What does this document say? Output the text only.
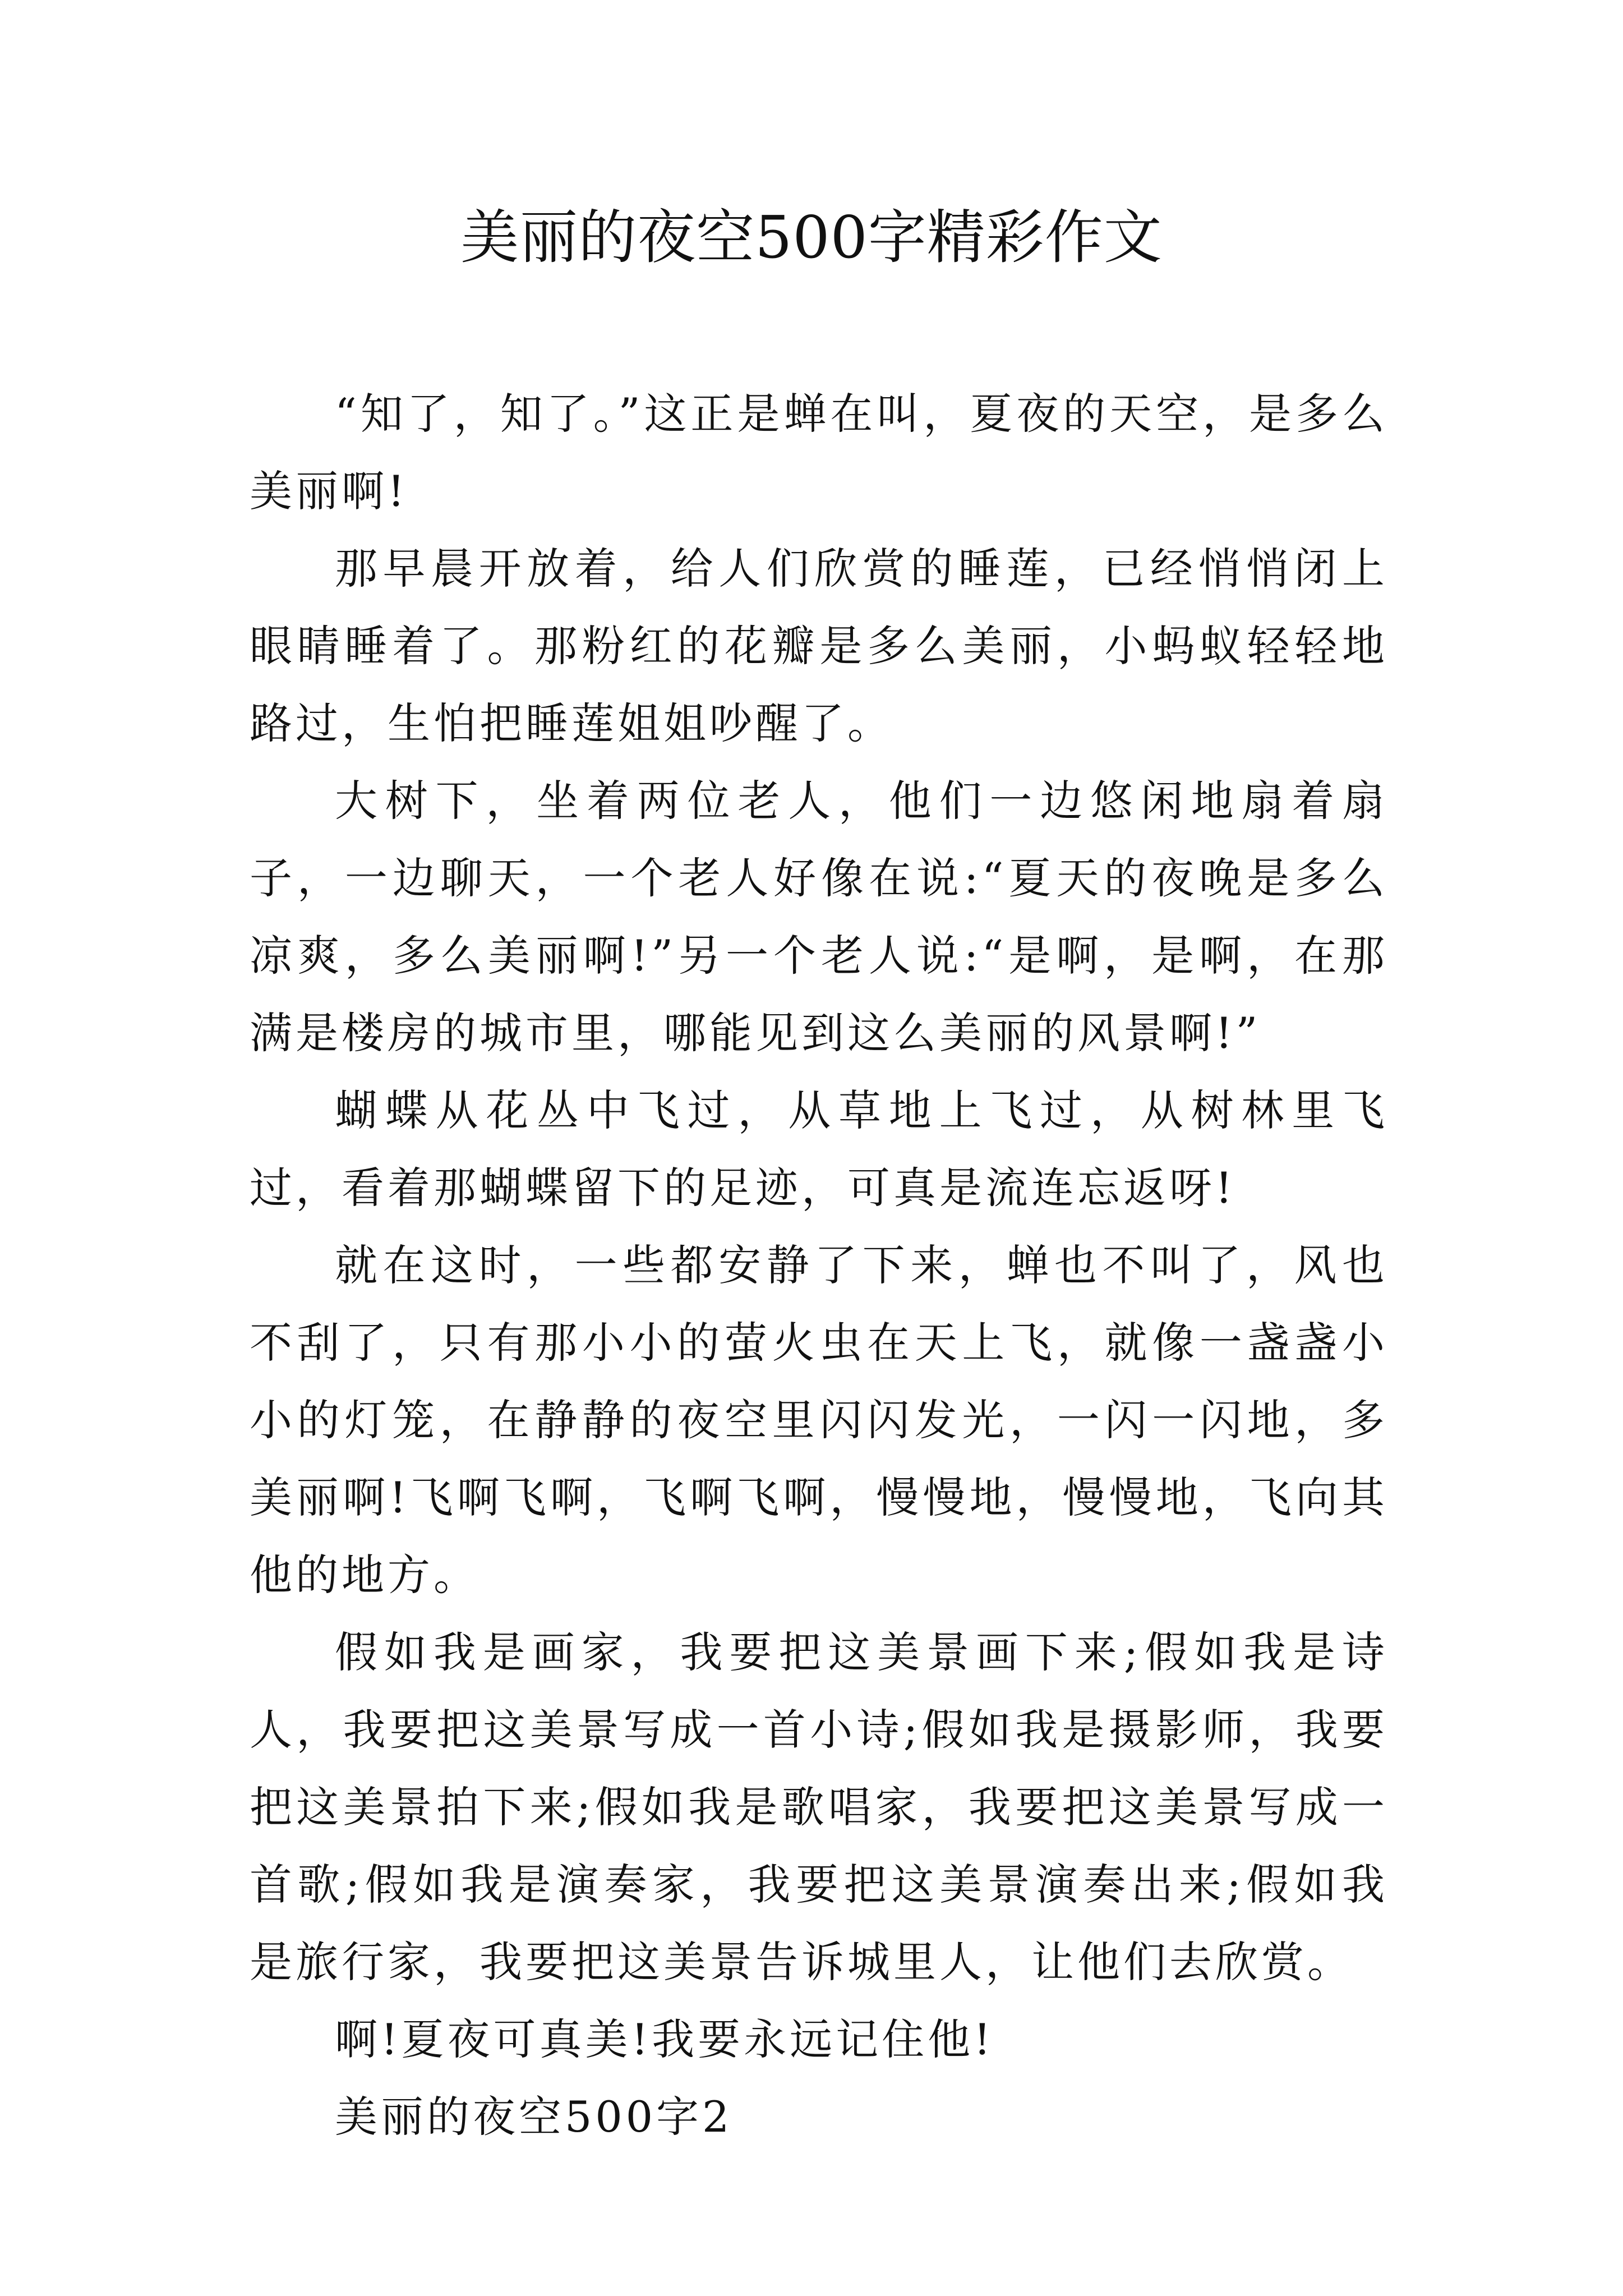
美丽的夜空500字精彩作文

“知了，知了。”这正是蝉在叫，夏夜的天空，是多么美丽啊!

那早晨开放着，给人们欣赏的睡莲，已经悄悄闭上眼睛睡着了。那粉红的花瓣是多么美丽，小蚂蚁轻轻地路过，生怕把睡莲姐姐吵醒了。

大树下，坐着两位老人，他们一边悠闲地扇着扇子，一边聊天，一个老人好像在说:“夏天的夜晚是多么凉爽，多么美丽啊!”另一个老人说:“是啊，是啊，在那满是楼房的城市里，哪能见到这么美丽的风景啊!”

蝴蝶从花丛中飞过，从草地上飞过，从树林里飞过，看着那蝴蝶留下的足迹，可真是流连忘返呀!

就在这时，一些都安静了下来，蝉也不叫了，风也不刮了，只有那小小的萤火虫在天上飞，就像一盏盏小小的灯笼，在静静的夜空里闪闪发光，一闪一闪地，多美丽啊!飞啊飞啊，飞啊飞啊，慢慢地，慢慢地，飞向其他的地方。

假如我是画家，我要把这美景画下来;假如我是诗人，我要把这美景写成一首小诗;假如我是摄影师，我要把这美景拍下来;假如我是歌唱家，我要把这美景写成一首歌;假如我是演奏家，我要把这美景演奏出来;假如我是旅行家，我要把这美景告诉城里人，让他们去欣赏。

啊!夏夜可真美!我要永远记住他!

美丽的夜空500字2
